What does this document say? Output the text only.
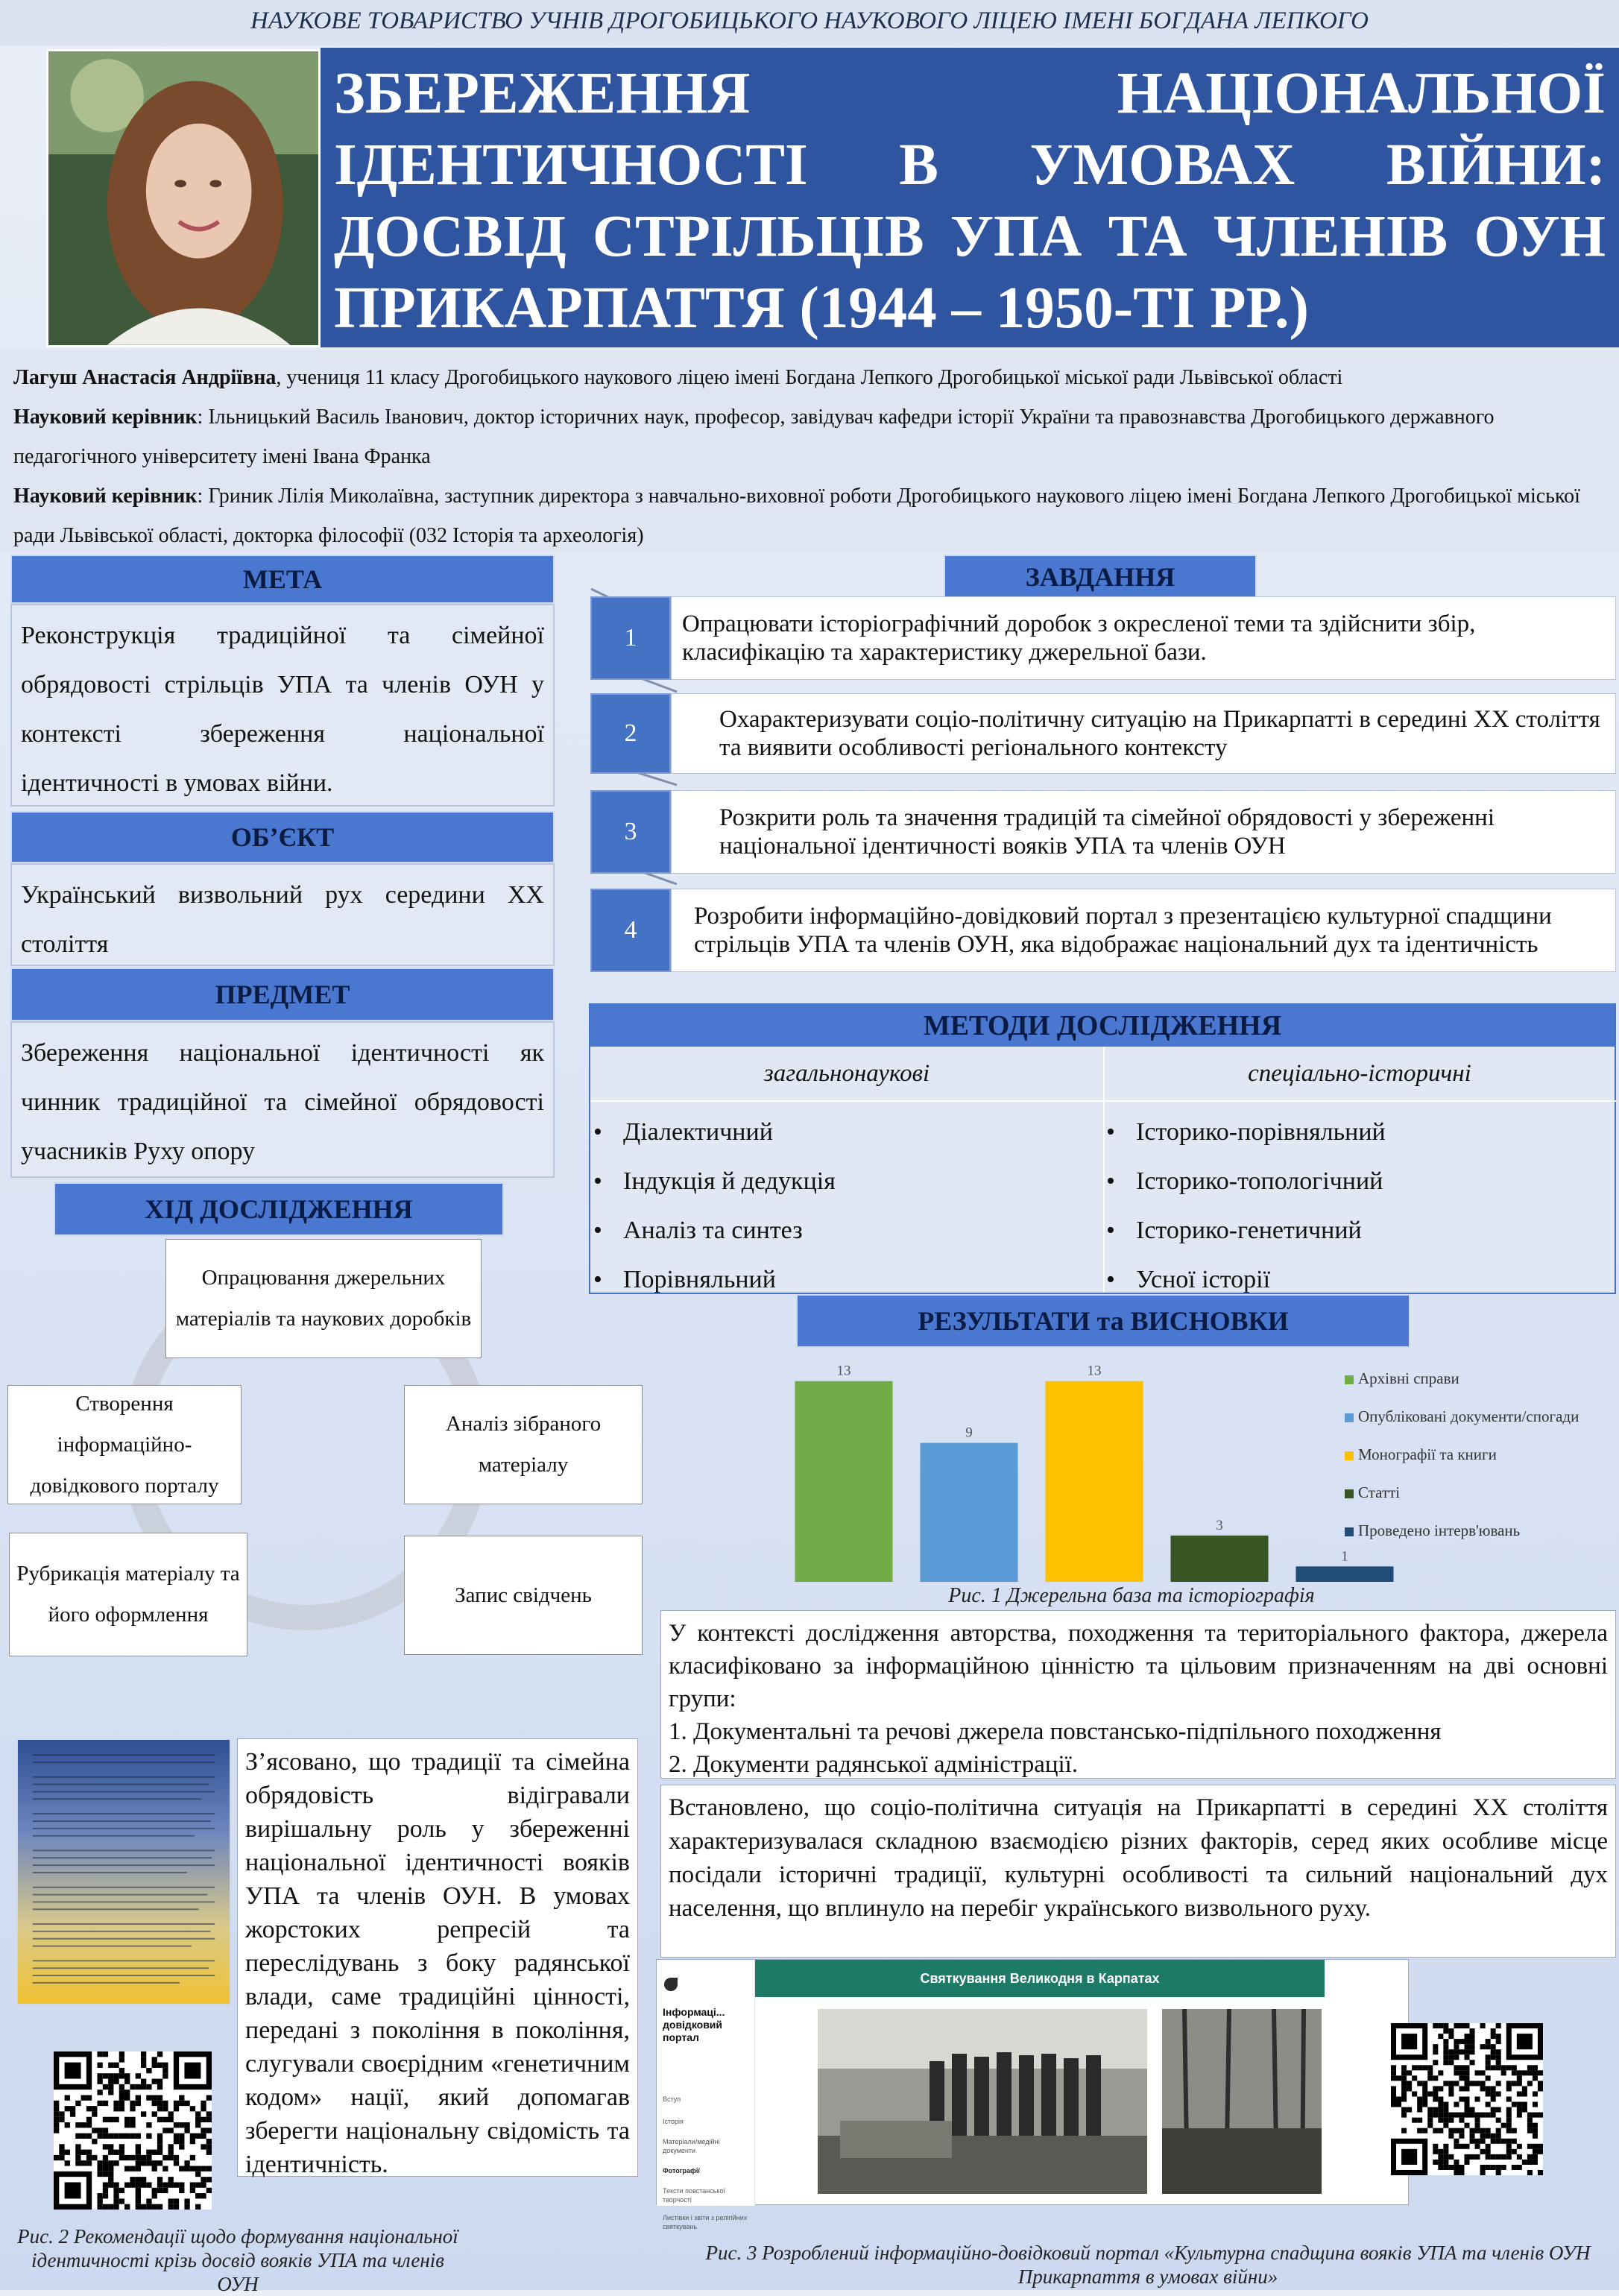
НАУКОВЕ ТОВАРИСТВО УЧНІВ ДРОГОБИЦЬКОГО НАУКОВОГО ЛІЦЕЮ ІМЕНІ БОГДАНА ЛЕПКОГО
ЗБЕРЕЖЕННЯ НАЦІОНАЛЬНОЇ ІДЕНТИЧНОСТІ В УМОВАХ ВІЙНИ: ДОСВІД СТРІЛЬЦІВ УПА ТА ЧЛЕНІВ ОУН ПРИКАРПАТТЯ (1944 – 1950-ТІ РР.)
Лагуш Анастасія Андріївна, учениця 11 класу Дрогобицького наукового ліцею імені Богдана Лепкого Дрогобицької міської ради Львівської області
Науковий керівник: Ільницький Василь Іванович, доктор історичних наук, професор, завідувач кафедри історії України та правознавства Дрогобицького державного педагогічного університету імені Івана Франка
Науковий керівник: Гриник Лілія Миколаївна, заступник директора з навчально-виховної роботи Дрогобицького наукового ліцею імені Богдана Лепкого Дрогобицької міської ради Львівської області, докторка філософії (032 Історія та археологія)
МЕТА
Реконструкція традиційної та сімейної обрядовості стрільців УПА та членів ОУН у контексті збереження національної ідентичності в умовах війни.
ОБ’ЄКТ
Український визвольний рух середини ХХ століття
ПРЕДМЕТ
Збереження національної ідентичності як чинник традиційної та сімейної обрядовості учасників Руху опору
ЗАВДАННЯ
1	Опрацювати історіографічний доробок з окресленої теми та здійснити збір, класифікацію та характеристику джерельної бази.
2	Охарактеризувати соціо-політичну ситуацію на Прикарпатті в середині ХХ століття та виявити особливості регіонального контексту
3	Розкрити роль та значення традицій та сімейної обрядовості у збереженні національної ідентичності вояків УПА та членів ОУН
4	Розробити інформаційно-довідковий портал з презентацією культурної спадщини стрільців УПА та членів ОУН, яка відображає національний дух та ідентичність
МЕТОДИ ДОСЛІДЖЕННЯ
загальнонаукові
• Діалектичний
• Індукція й дедукція
• Аналіз та синтез
• Порівняльний
спеціально-історичні
• Історико-порівняльний
• Історико-топологічний
• Історико-генетичний
• Усної історії
ХІД ДОСЛІДЖЕННЯ
Опрацювання джерельних матеріалів та наукових доробків
Аналіз зібраного матеріалу
Запис свідчень
Рубрикація матеріалу та його оформлення
Створення інформаційно-довідкового порталу
РЕЗУЛЬТАТИ та ВИСНОВКИ
13
9
13
3
1
Архівні справи
Опубліковані документи/спогади
Монографії та книги
Статті
Проведено інтерв'ювань
Рис. 1 Джерельна база та історіографія
У контексті дослідження авторства, походження та територіального фактора, джерела класифіковано за інформаційною цінністю та цільовим призначенням на дві основні групи:
1. Документальні та речові джерела повстансько-підпільного походження
2. Документи радянської адміністрації.
Встановлено, що соціо-політична ситуація на Прикарпатті в середині ХХ століття характеризувалася складною взаємодією різних факторів, серед яких особливе місце посідали історичні традиції, культурні особливості та сильний національний дух населення, що вплинуло на перебіг українського визвольного руху.
З’ясовано, що традиції та сімейна обрядовість відігравали вирішальну роль у збереженні національної ідентичності вояків УПА та членів ОУН. В умовах жорстоких репресій та переслідувань з боку радянської влади, саме традиційні цінності, передані з покоління в покоління, слугували своєрідним «генетичним кодом» нації, який допомагав зберегти національну свідомість та ідентичність.
Рис. 2 Рекомендації щодо формування національної ідентичності крізь досвід вояків УПА та членів ОУН
Інформаці... довідковий портал
Вступ
Історія
Матеріали/медійні документи
Фотографії
Тексти повстанської творчості
Листівки і звіти з релігійних святкувань
Святкування Великодня в Карпатах
Рис. 3 Розроблений інформаційно-довідковий портал «Культурна спадщина вояків УПА та членів ОУН Прикарпаття в умовах війни»
